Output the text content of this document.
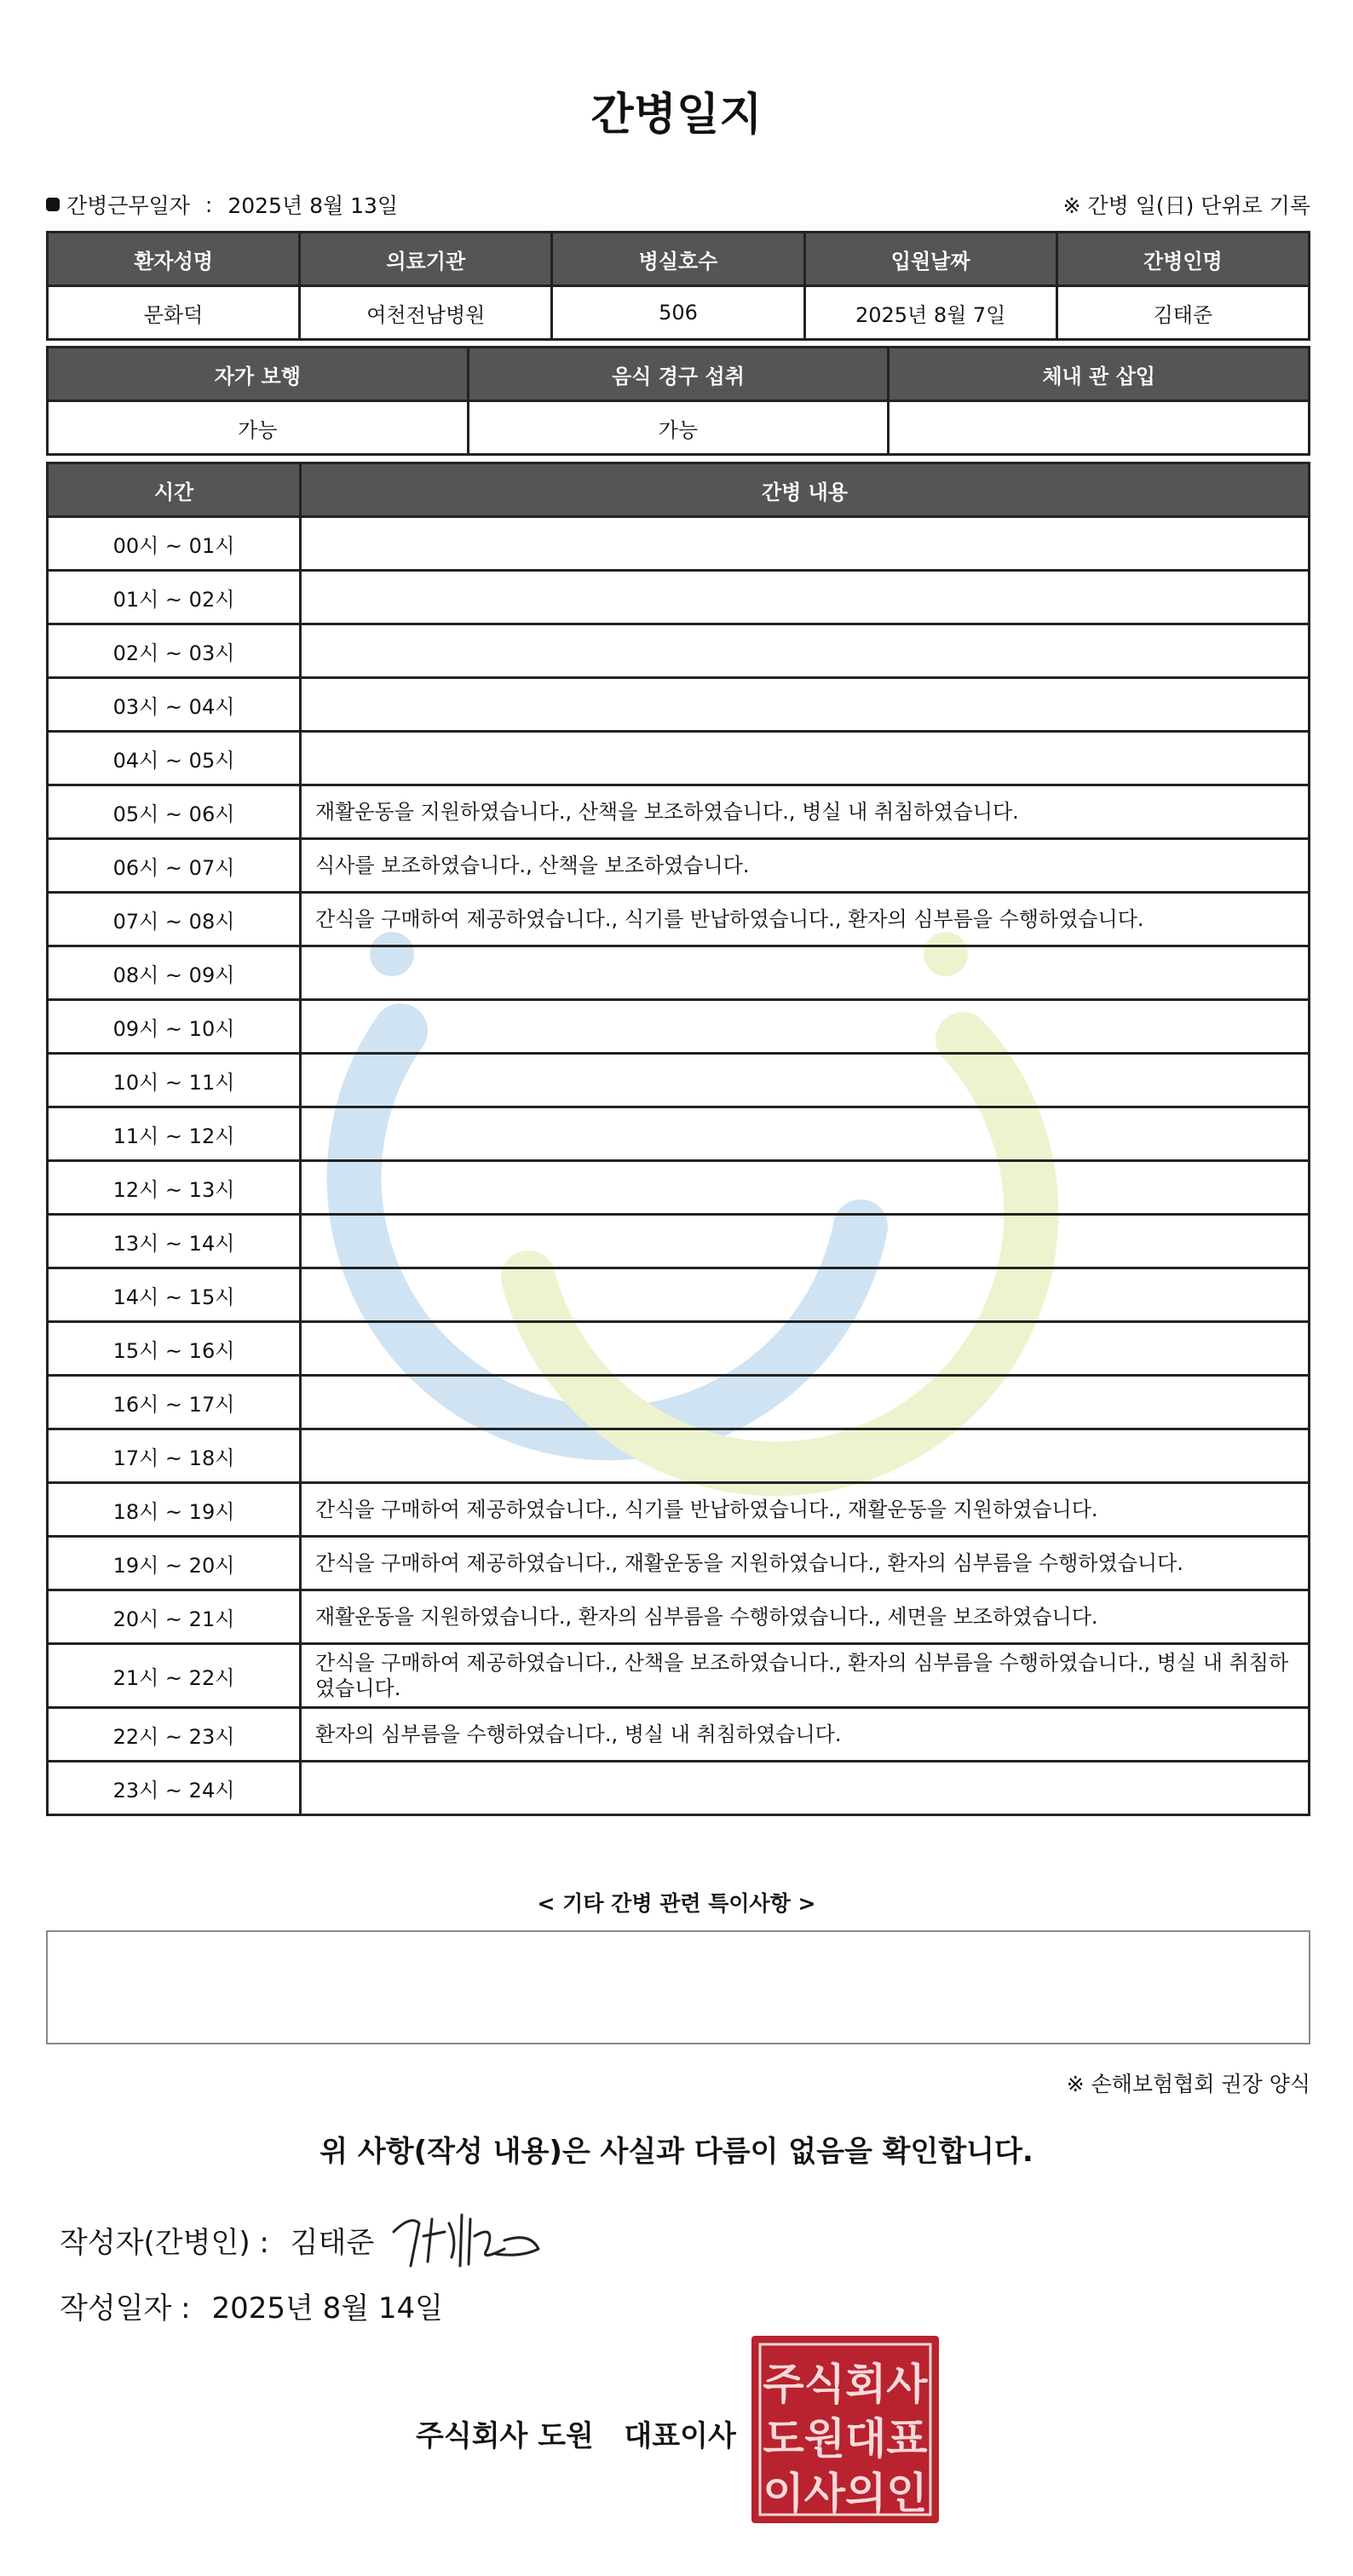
간병일지
간병근무일자 : 2025년 8월 13일	※ 간병 일(日) 단위로 기록
환자성명	의료기관	병실호수	입원날짜	간병인명
문화덕	여천전남병원	506	2025년 8월 7일	김태준
자가 보행	음식 경구 섭취	체내 관 삽입
가능	가능	
시간	간병 내용
00시 ~ 01시	
01시 ~ 02시	
02시 ~ 03시	
03시 ~ 04시	
04시 ~ 05시	
05시 ~ 06시	재활운동을 지원하였습니다., 산책을 보조하였습니다., 병실 내 취침하였습니다.
06시 ~ 07시	식사를 보조하였습니다., 산책을 보조하였습니다.
07시 ~ 08시	간식을 구매하여 제공하였습니다., 식기를 반납하였습니다., 환자의 심부름을 수행하였습니다.
08시 ~ 09시	
09시 ~ 10시	
10시 ~ 11시	
11시 ~ 12시	
12시 ~ 13시	
13시 ~ 14시	
14시 ~ 15시	
15시 ~ 16시	
16시 ~ 17시	
17시 ~ 18시	
18시 ~ 19시	간식을 구매하여 제공하였습니다., 식기를 반납하였습니다., 재활운동을 지원하였습니다.
19시 ~ 20시	간식을 구매하여 제공하였습니다., 재활운동을 지원하였습니다., 환자의 심부름을 수행하였습니다.
20시 ~ 21시	재활운동을 지원하였습니다., 환자의 심부름을 수행하였습니다., 세면을 보조하였습니다.
21시 ~ 22시	간식을 구매하여 제공하였습니다., 산책을 보조하였습니다., 환자의 심부름을 수행하였습니다., 병실 내 취침하였습니다.
22시 ~ 23시	환자의 심부름을 수행하였습니다., 병실 내 취침하였습니다.
23시 ~ 24시	
< 기타 간병 관련 특이사항 >
※ 손해보험협회 권장 양식
위 사항(작성 내용)은 사실과 다름이 없음을 확인합니다.
작성자(간병인) : 김태준
작성일자 : 2025년 8월 14일
주식회사 도원   대표이사
주식회사
도원대표
이사의인
